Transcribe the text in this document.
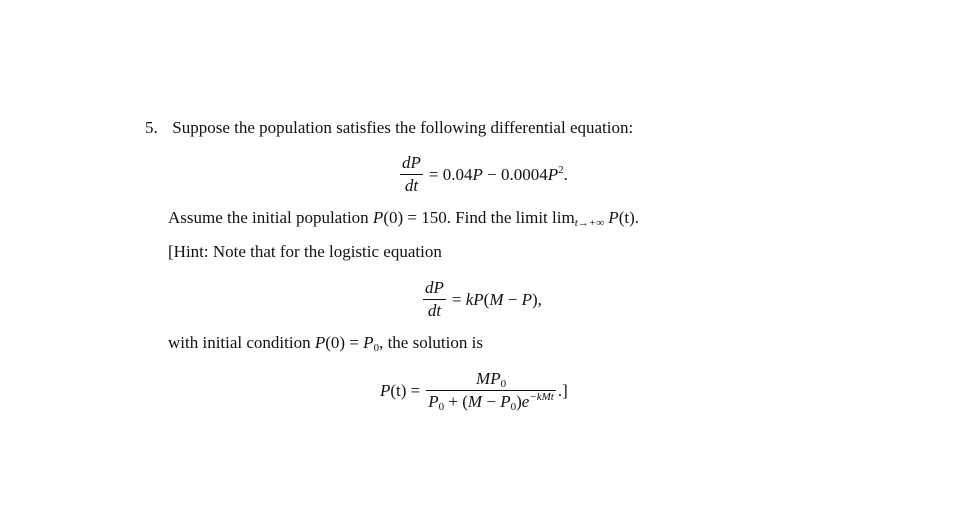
5. Suppose the population satisfies the following differential equation:
$\frac{dP}{dt} = 0.04P - 0.0004P^2$.
Assume the initial population P(0) = 150. Find the limit $\lim_{t\to+\infty} P(t)$.
[Hint: Note that for the logistic equation
$\frac{dP}{dt} = kP(M - P)$,
with initial condition $P(0) = P_0$, the solution is
$P(t) = \frac{MP_0}{P_0 + (M - P_0)e^{-kMt}}$ .]
